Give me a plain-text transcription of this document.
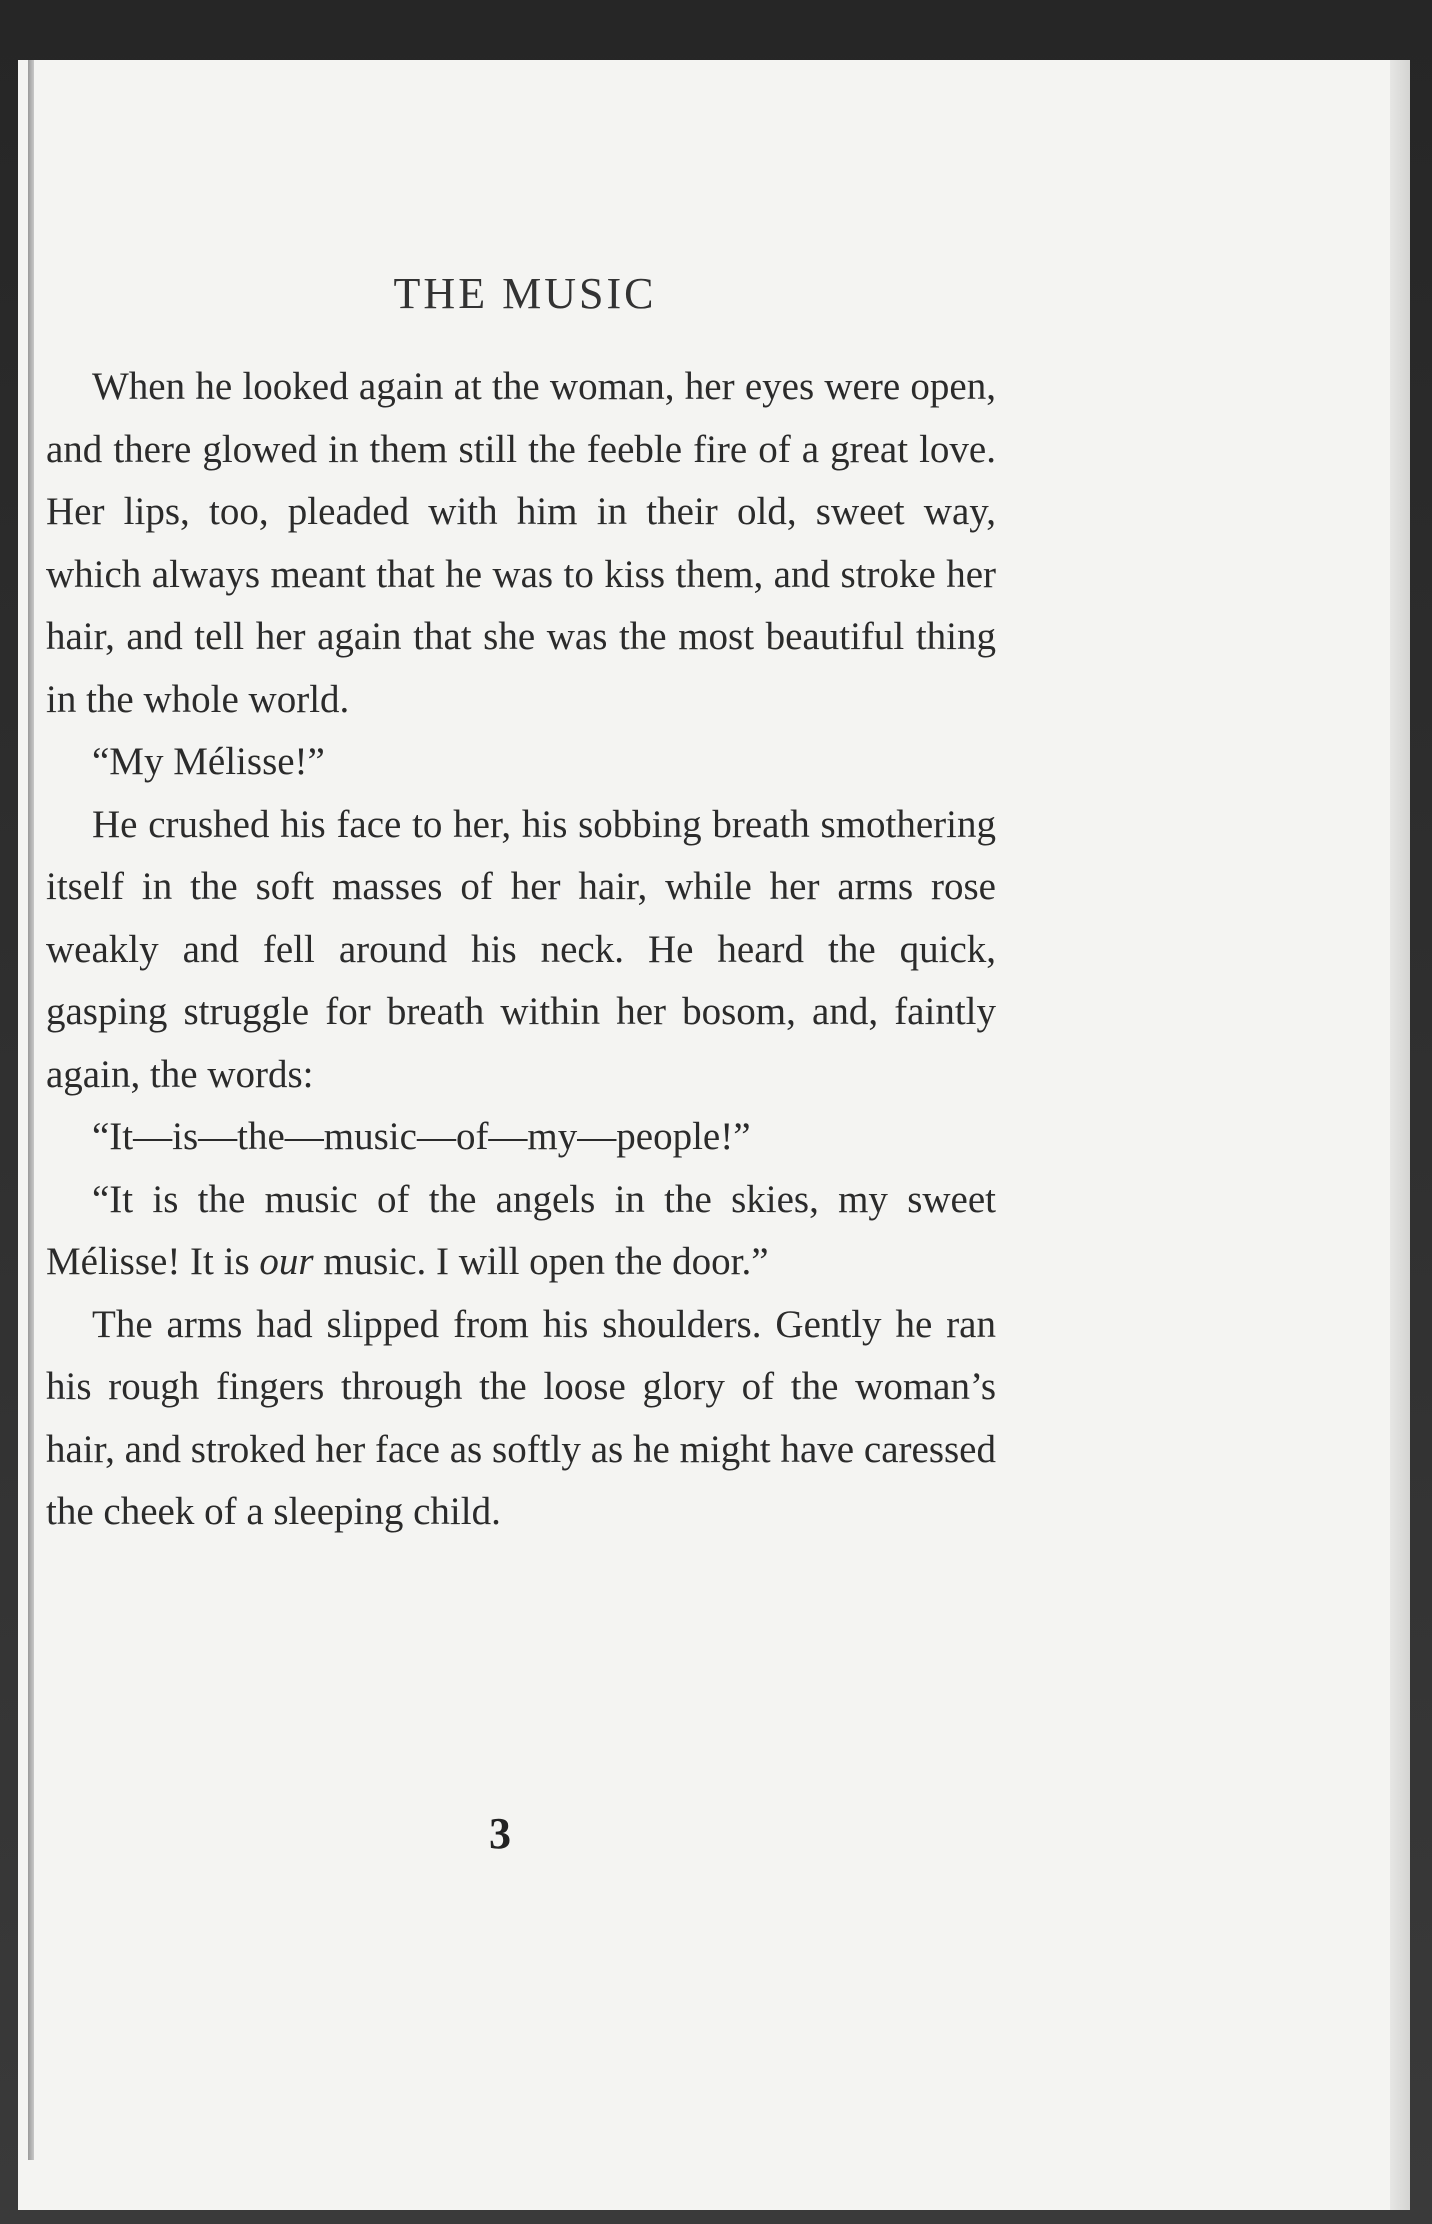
THE MUSIC

When he looked again at the woman, her eyes were open, and there glowed in them still the feeble fire of a great love. Her lips, too, pleaded with him in their old, sweet way, which always meant that he was to kiss them, and stroke her hair, and tell her again that she was the most beautiful thing in the whole world.

“My Mélisse!”

He crushed his face to her, his sobbing breath smothering itself in the soft masses of her hair, while her arms rose weakly and fell around his neck. He heard the quick, gasping struggle for breath within her bosom, and, faintly again, the words:

“It—is—the—music—of—my—people!”

“It is the music of the angels in the skies, my sweet Mélisse! It is our music. I will open the door.”

The arms had slipped from his shoulders. Gently he ran his rough fingers through the loose glory of the woman’s hair, and stroked her face as softly as he might have caressed the cheek of a sleeping child.

3
